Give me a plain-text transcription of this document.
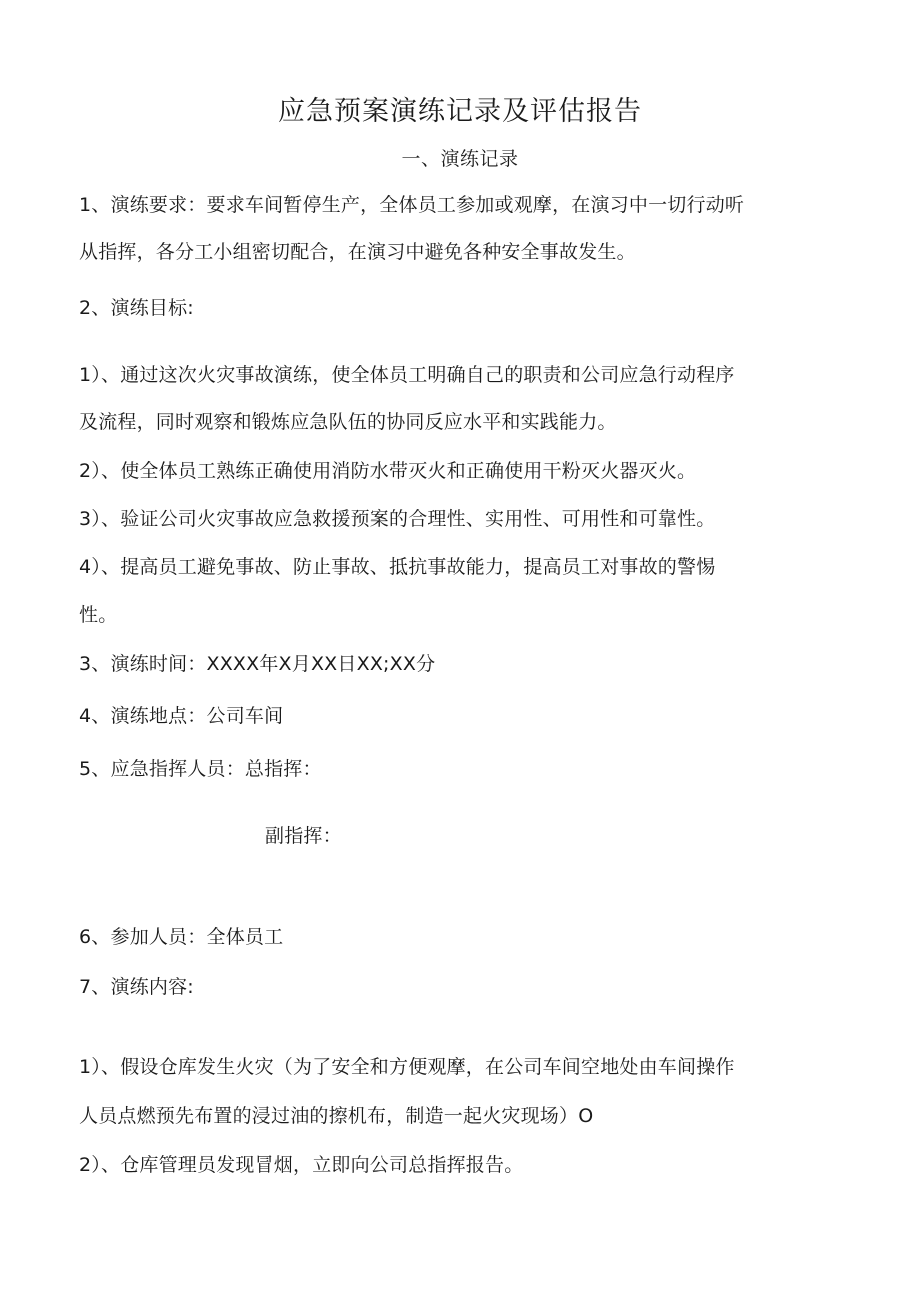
应急预案演练记录及评估报告
一、演练记录
1、演练要求：要求车间暂停生产，全体员工参加或观摩，在演习中一切行动听
从指挥，各分工小组密切配合，在演习中避免各种安全事故发生。
2、演练目标:
1）、通过这次火灾事故演练，使全体员工明确自己的职责和公司应急行动程序
及流程，同时观察和锻炼应急队伍的协同反应水平和实践能力。
2）、使全体员工熟练正确使用消防水带灭火和正确使用干粉灭火器灭火。
3）、验证公司火灾事故应急救援预案的合理性、实用性、可用性和可靠性。
4）、提高员工避免事故、防止事故、抵抗事故能力，提高员工对事故的警惕
性。
3、演练时间：XXXX年X月XX日XX;XX分
4、演练地点：公司车间
5、应急指挥人员：总指挥：
副指挥：
6、参加人员：全体员工
7、演练内容:
1）、假设仓库发生火灾（为了安全和方便观摩，在公司车间空地处由车间操作
人员点燃预先布置的浸过油的擦机布，制造一起火灾现场）O
2）、仓库管理员发现冒烟，立即向公司总指挥报告。
